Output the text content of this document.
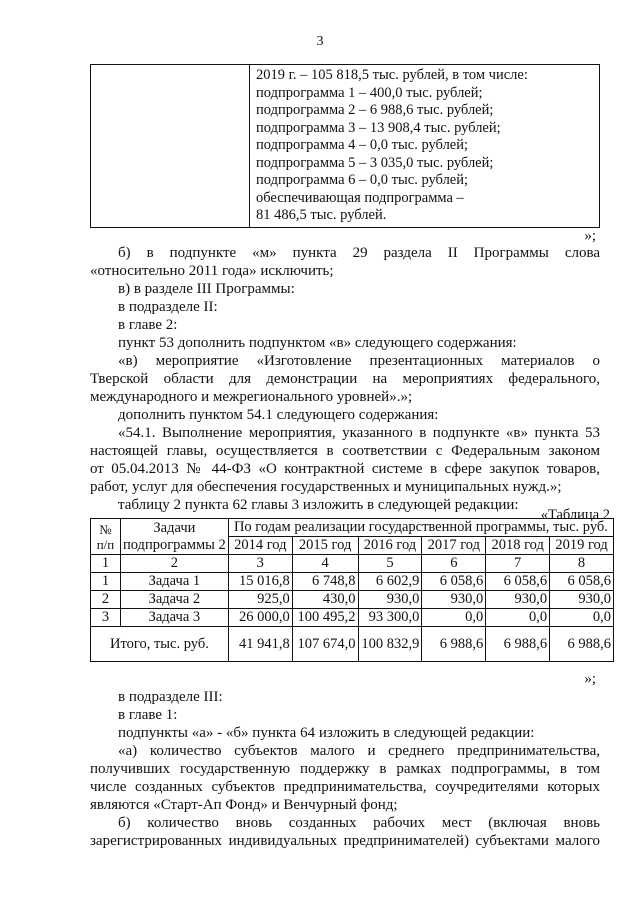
3

2019 г. – 105 818,5 тыс. рублей, в том числе:
подпрограмма 1 – 400,0 тыс. рублей;
подпрограмма 2 – 6 988,6 тыс. рублей;
подпрограмма 3 – 13 908,4 тыс. рублей;
подпрограмма 4 – 0,0 тыс. рублей;
подпрограмма 5 – 3 035,0 тыс. рублей;
подпрограмма 6 – 0,0 тыс. рублей;
обеспечивающая подпрограмма –
81 486,5 тыс. рублей.
»;
б) в подпункте «м» пункта 29 раздела II Программы слова
«относительно 2011 года» исключить;
в) в разделе III Программы:
в подразделе II:
в главе 2:
пункт 53 дополнить подпунктом «в» следующего содержания:
«в) мероприятие «Изготовление презентационных материалов о
Тверской области для демонстрации на мероприятиях федерального,
международного и межрегионального уровней».»;
дополнить пунктом 54.1 следующего содержания:
«54.1. Выполнение мероприятия, указанного в подпункте «в» пункта 53
настоящей главы, осуществляется в соответствии с Федеральным законом
от 05.04.2013 № 44-ФЗ «О контрактной системе в сфере закупок товаров,
работ, услуг для обеспечения государственных и муниципальных нужд.»;
таблицу 2 пункта 62 главы 3 изложить в следующей редакции:
«Таблица 2
№ п/п	Задачи подпрограммы 2	По годам реализации государственной программы, тыс. руб.					
		2014 год	2015 год	2016 год	2017 год	2018 год	2019 год
1	2	3	4	5	6	7	8
1	Задача 1	15 016,8	6 748,8	6 602,9	6 058,6	6 058,6	6 058,6
2	Задача 2	925,0	430,0	930,0	930,0	930,0	930,0
3	Задача 3	26 000,0	100 495,2	93 300,0	0,0	0,0	0,0
Итого, тыс. руб.		41 941,8	107 674,0	100 832,9	6 988,6	6 988,6	6 988,6
»;
в подразделе III:
в главе 1:
подпункты «а» - «б» пункта 64 изложить в следующей редакции:
«а) количество субъектов малого и среднего предпринимательства,
получивших государственную поддержку в рамках подпрограммы, в том
числе созданных субъектов предпринимательства, соучредителями которых
являются «Старт-Ап Фонд» и Венчурный фонд;
б) количество вновь созданных рабочих мест (включая вновь
зарегистрированных индивидуальных предпринимателей) субъектами малого
